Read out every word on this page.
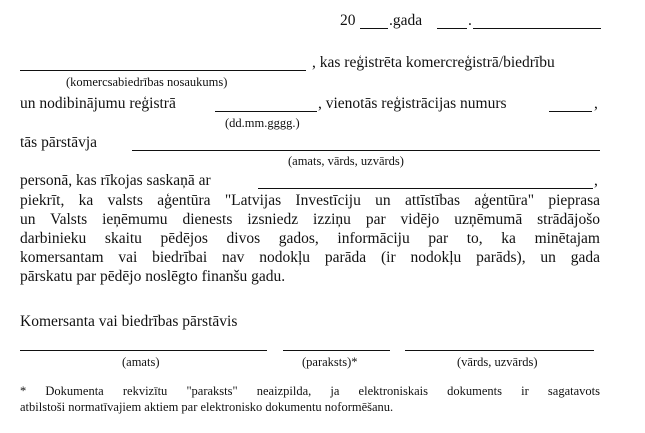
20 .gada	.
, kas reģistrēta komercreģistrā/biedrību
(komercsabiedrības nosaukums)
un nodibinājumu reģistrā	, vienotās reģistrācijas numurs	,
(dd.mm.gggg.)
tās pārstāvja
(amats, vārds, uzvārds)
personā, kas rīkojas saskaņā ar	,
piekrīt, ka valsts aģentūra "Latvijas Investīciju un attīstības aģentūra" pieprasa
un Valsts ieņēmumu dienests izsniedz izziņu par vidējo uzņēmumā strādājošo
darbinieku skaitu pēdējos divos gados, informāciju par to, ka minētajam
komersantam vai biedrībai nav nodokļu parāda (ir nodokļu parāds), un gada
pārskatu par pēdējo noslēgto finanšu gadu.
Komersanta vai biedrības pārstāvis
(amats)	(paraksts)*	(vārds, uzvārds)
* Dokumenta rekvizītu "paraksts" neaizpilda, ja elektroniskais dokuments ir sagatavots
atbilstoši normatīvajiem aktiem par elektronisko dokumentu noformēšanu.
